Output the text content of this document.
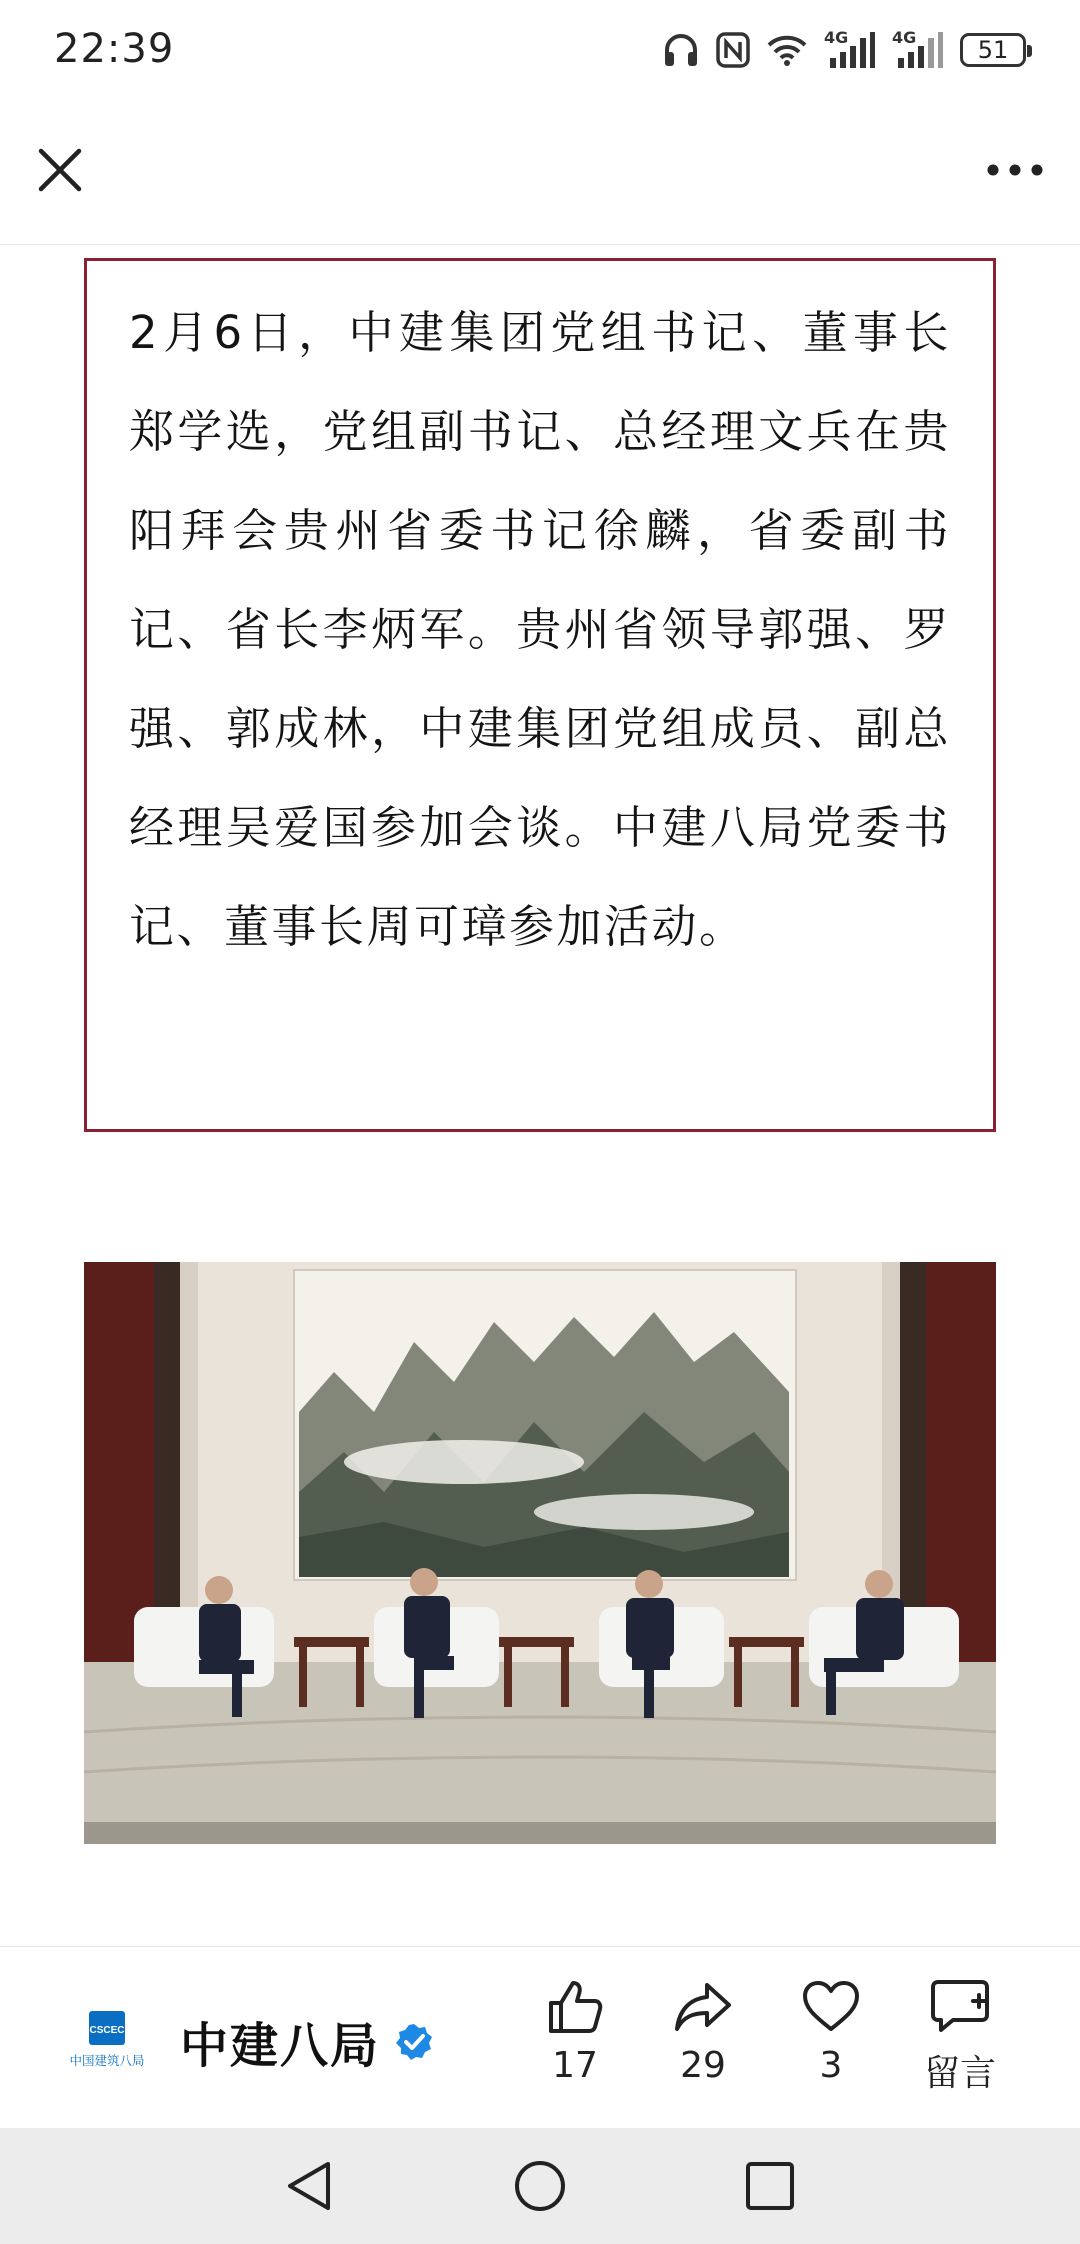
22:39	4G	4G	51

2月6日，中建集团党组书记、董事长郑学选，党组副书记、总经理文兵在贵阳拜会贵州省委书记徐麟，省委副书记、省长李炳军。贵州省领导郭强、罗强、郭成林，中建集团党组成员、副总经理吴爱国参加会谈。中建八局党委书记、董事长周可璋参加活动。

CSCEC
中国建筑八局 中建八局	17	29	3	留言
